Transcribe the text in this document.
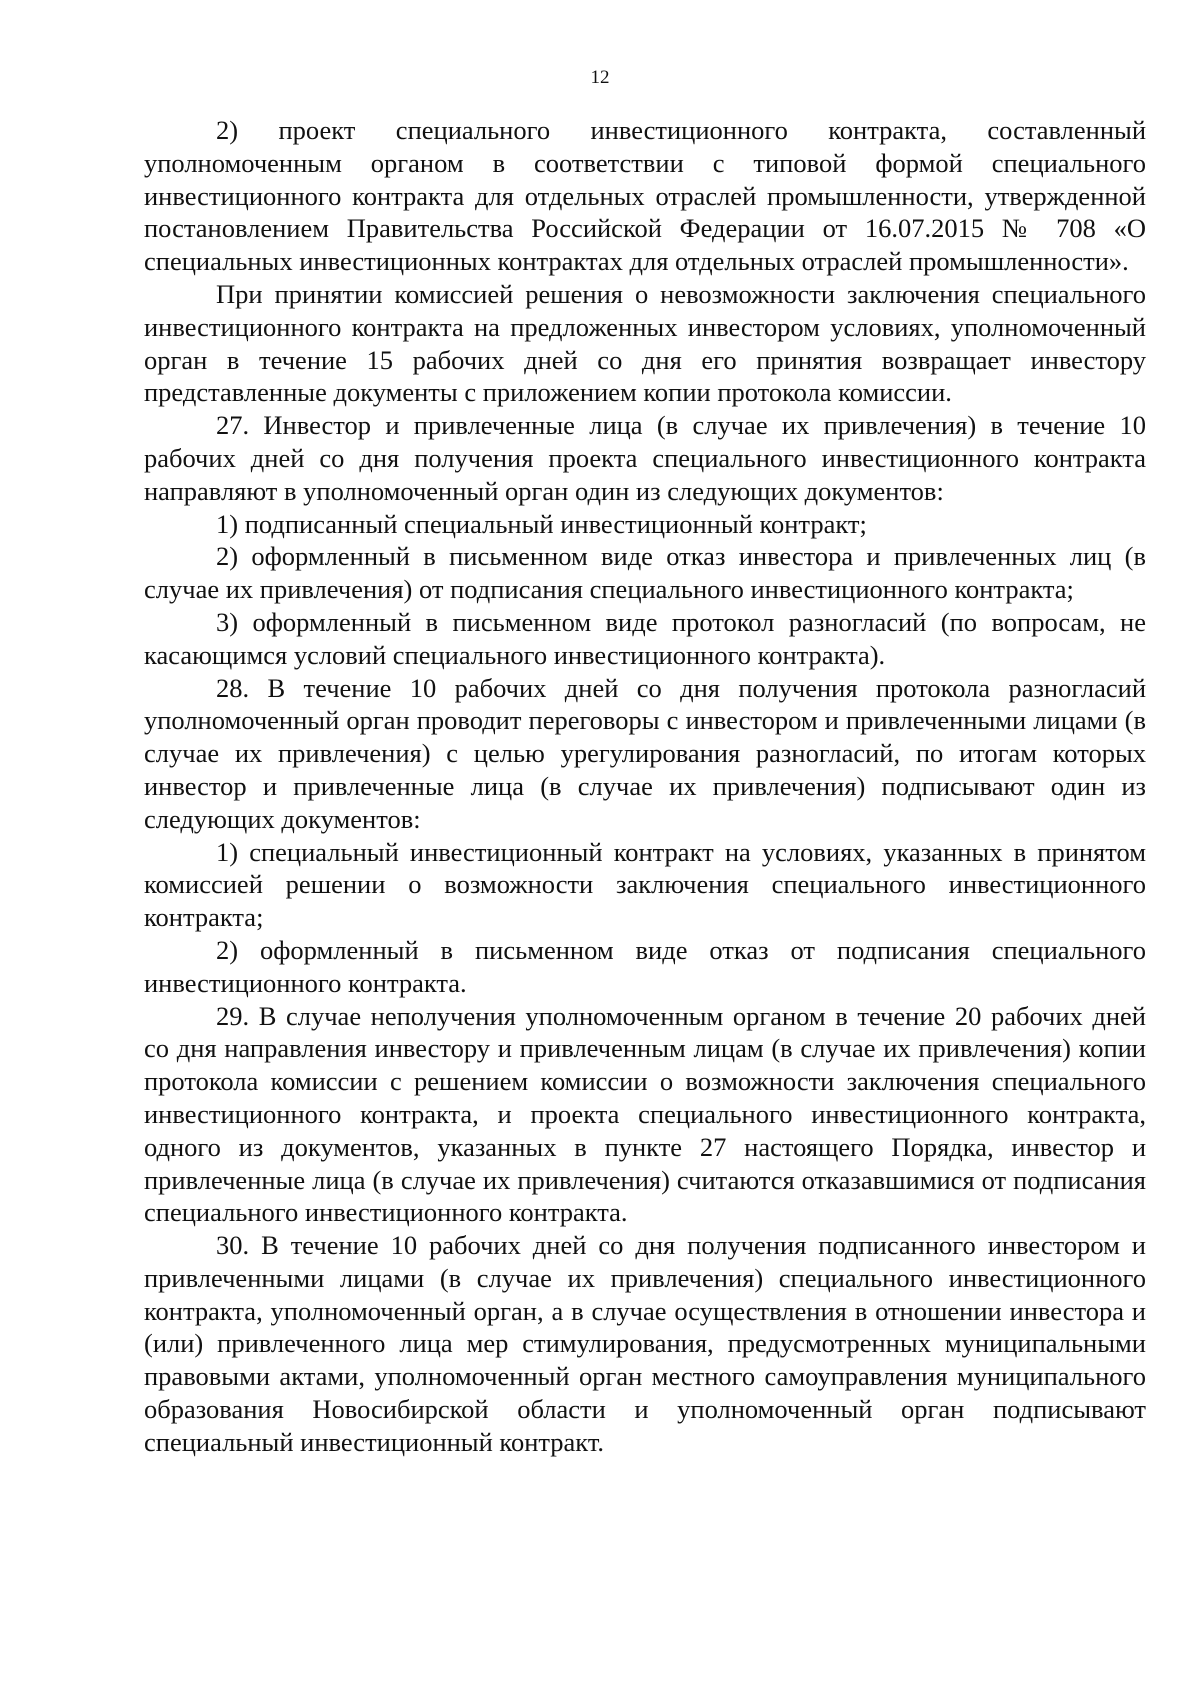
12

2) проект специального инвестиционного контракта, составленный уполномоченным органом в соответствии с типовой формой специального инвестиционного контракта для отдельных отраслей промышленности, утвержденной постановлением Правительства Российской Федерации от 16.07.2015 № 708 «О специальных инвестиционных контрактах для отдельных отраслей промышленности».

При принятии комиссией решения о невозможности заключения специального инвестиционного контракта на предложенных инвестором условиях, уполномоченный орган в течение 15 рабочих дней со дня его принятия возвращает инвестору представленные документы с приложением копии протокола комиссии.

27. Инвестор и привлеченные лица (в случае их привлечения) в течение 10 рабочих дней со дня получения проекта специального инвестиционного контракта направляют в уполномоченный орган один из следующих документов:

1) подписанный специальный инвестиционный контракт;

2) оформленный в письменном виде отказ инвестора и привлеченных лиц (в случае их привлечения) от подписания специального инвестиционного контракта;

3) оформленный в письменном виде протокол разногласий (по вопросам, не касающимся условий специального инвестиционного контракта).

28. В течение 10 рабочих дней со дня получения протокола разногласий уполномоченный орган проводит переговоры с инвестором и привлеченными лицами (в случае их привлечения) с целью урегулирования разногласий, по итогам которых инвестор и привлеченные лица (в случае их привлечения) подписывают один из следующих документов:

1) специальный инвестиционный контракт на условиях, указанных в принятом комиссией решении о возможности заключения специального инвестиционного контракта;

2) оформленный в письменном виде отказ от подписания специального инвестиционного контракта.

29. В случае неполучения уполномоченным органом в течение 20 рабочих дней со дня направления инвестору и привлеченным лицам (в случае их привлечения) копии протокола комиссии с решением комиссии о возможности заключения специального инвестиционного контракта, и проекта специального инвестиционного контракта, одного из документов, указанных в пункте 27 настоящего Порядка, инвестор и привлеченные лица (в случае их привлечения) считаются отказавшимися от подписания специального инвестиционного контракта.

30. В течение 10 рабочих дней со дня получения подписанного инвестором и привлеченными лицами (в случае их привлечения) специального инвестиционного контракта, уполномоченный орган, а в случае осуществления в отношении инвестора и (или) привлеченного лица мер стимулирования, предусмотренных муниципальными правовыми актами, уполномоченный орган местного самоуправления муниципального образования Новосибирской области и уполномоченный орган подписывают специальный инвестиционный контракт.
